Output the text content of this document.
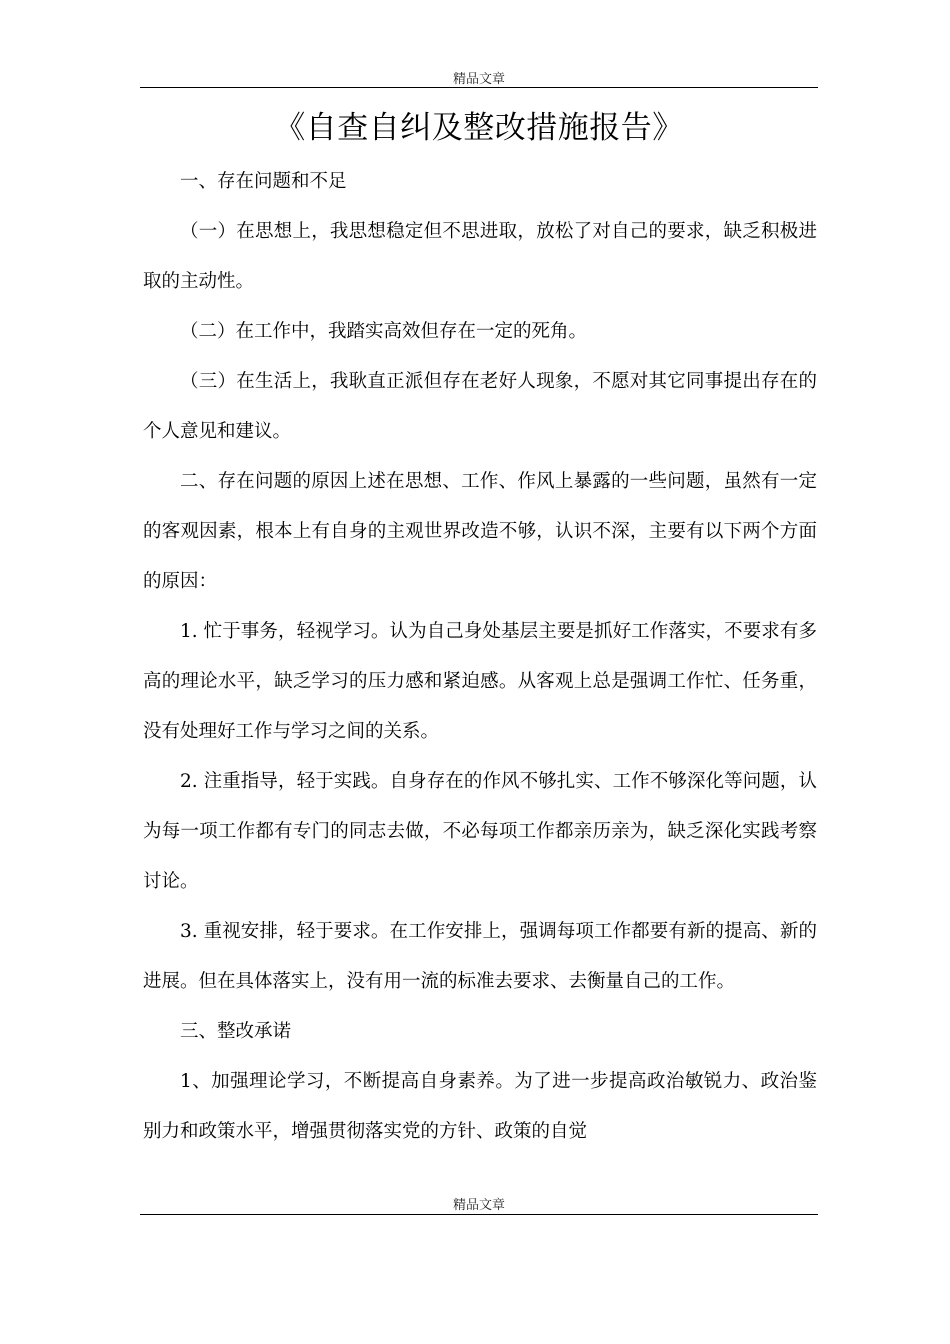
精品文章
《自查自纠及整改措施报告》

一、存在问题和不足

（一）在思想上，我思想稳定但不思进取，放松了对自己的要求，缺乏积极进取的主动性。

（二）在工作中，我踏实高效但存在一定的死角。

（三）在生活上，我耿直正派但存在老好人现象，不愿对其它同事提出存在的个人意见和建议。

二、存在问题的原因上述在思想、工作、作风上暴露的一些问题，虽然有一定的客观因素，根本上有自身的主观世界改造不够，认识不深，主要有以下两个方面的原因：

1. 忙于事务，轻视学习。认为自己身处基层主要是抓好工作落实，不要求有多高的理论水平，缺乏学习的压力感和紧迫感。从客观上总是强调工作忙、任务重，没有处理好工作与学习之间的关系。

2. 注重指导，轻于实践。自身存在的作风不够扎实、工作不够深化等问题，认为每一项工作都有专门的同志去做，不必每项工作都亲历亲为，缺乏深化实践考察讨论。

3. 重视安排，轻于要求。在工作安排上，强调每项工作都要有新的提高、新的进展。但在具体落实上，没有用一流的标准去要求、去衡量自己的工作。

三、整改承诺

1、加强理论学习，不断提高自身素养。为了进一步提高政治敏锐力、政治鉴别力和政策水平，增强贯彻落实党的方针、政策的自觉

精品文章
